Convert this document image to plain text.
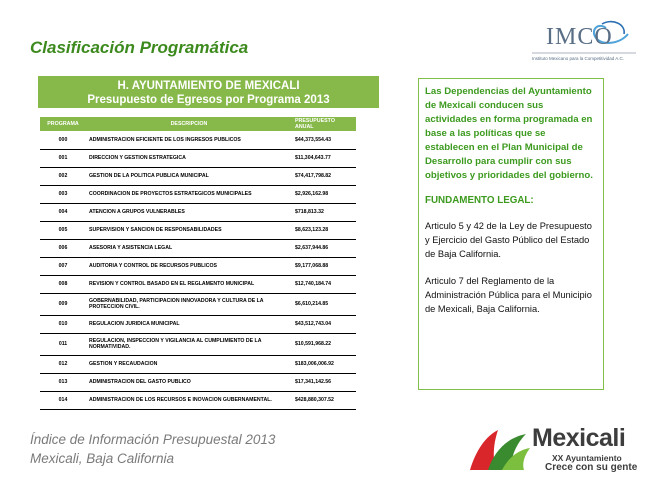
Clasificación Programática	IMCO
Instituto Mexicano para la Competitividad A.C.
H. AYUNTAMIENTO DE MEXICALI
Presupuesto de Egresos por Programa 2013
PROGRAMA	DESCRIPCION	PRESUPUESTO ANUAL
000	ADMINISTRACION EFICIENTE DE LOS INGRESOS PUBLICOS	$44,373,554.43
001	DIRECCION Y GESTION ESTRATEGICA	$11,304,643.77
002	GESTION DE LA POLITICA PUBLICA MUNICIPAL	$74,417,798.82
003	COORDINACION DE PROYECTOS ESTRATEGICOS MUNICIPALES	$2,926,162.98
004	ATENCION A GRUPOS VULNERABLES	$718,813.32
005	SUPERVISION Y SANCION DE RESPONSABILIDADES	$8,623,123.28
006	ASESORIA Y ASISTENCIA LEGAL	$2,637,944.86
007	AUDITORIA Y CONTROL DE RECURSOS PUBLICOS	$9,177,068.88
008	REVISION Y CONTROL BASADO EN EL REGLAMENTO MUNICIPAL	$12,740,184.74
009	GOBERNABILIDAD, PARTICIPACION INNOVADORA Y CULTURA DE LA PROTECCION CIVIL.	$6,610,214.85
010	REGULACION JURIDICA MUNICIPAL	$43,512,743.04
011	REGULACION, INSPECCION Y VIGILANCIA AL CUMPLIMIENTO DE LA NORMATIVIDAD.	$10,591,968.22
012	GESTION Y RECAUDACION	$183,006,006.92
013	ADMINISTRACION DEL GASTO PUBLICO	$17,341,142.56
014	ADMINISTRACION DE LOS RECURSOS E INOVACION GUBERNAMENTAL.	$428,880,307.52
Las Dependencias del Ayuntamiento de Mexicali conducen sus actividades en forma programada en base a las políticas que se establecen en el Plan Municipal de Desarrollo para cumplir con sus objetivos y prioridades del gobierno.
FUNDAMENTO LEGAL:
Articulo 5 y 42 de la Ley de Presupuesto y Ejercicio del Gasto Público del Estado de Baja California.
Articulo 7 del Reglamento de la Administración Pública para el Municipio de Mexicali, Baja California.
Índice de Información Presupuestal 2013
Mexicali, Baja California
Mexicali
XX Ayuntamiento
Crece con su gente
